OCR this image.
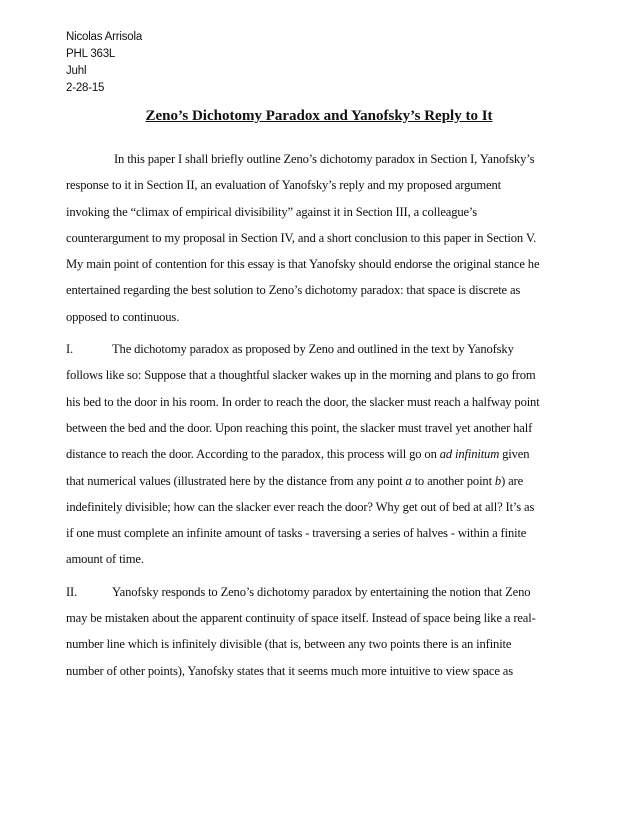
Nicolas Arrisola
PHL 363L
Juhl
2-28-15
Zeno’s Dichotomy Paradox and Yanofsky’s Reply to It
In this paper I shall briefly outline Zeno’s dichotomy paradox in Section I, Yanofsky’s
response to it in Section II, an evaluation of Yanofsky’s reply and my proposed argument
invoking the “climax of empirical divisibility” against it in Section III, a colleague’s
counterargument to my proposal in Section IV, and a short conclusion to this paper in Section V.
My main point of contention for this essay is that Yanofsky should endorse the original stance he
entertained regarding the best solution to Zeno’s dichotomy paradox: that space is discrete as
opposed to continuous.
I.	The dichotomy paradox as proposed by Zeno and outlined in the text by Yanofsky
follows like so: Suppose that a thoughtful slacker wakes up in the morning and plans to go from
his bed to the door in his room. In order to reach the door, the slacker must reach a halfway point
between the bed and the door. Upon reaching this point, the slacker must travel yet another half
distance to reach the door. According to the paradox, this process will go on ad infinitum given
that numerical values (illustrated here by the distance from any point a to another point b) are
indefinitely divisible; how can the slacker ever reach the door? Why get out of bed at all? It’s as
if one must complete an infinite amount of tasks - traversing a series of halves - within a finite
amount of time.
II.	Yanofsky responds to Zeno’s dichotomy paradox by entertaining the notion that Zeno
may be mistaken about the apparent continuity of space itself. Instead of space being like a real-
number line which is infinitely divisible (that is, between any two points there is an infinite
number of other points), Yanofsky states that it seems much more intuitive to view space as
